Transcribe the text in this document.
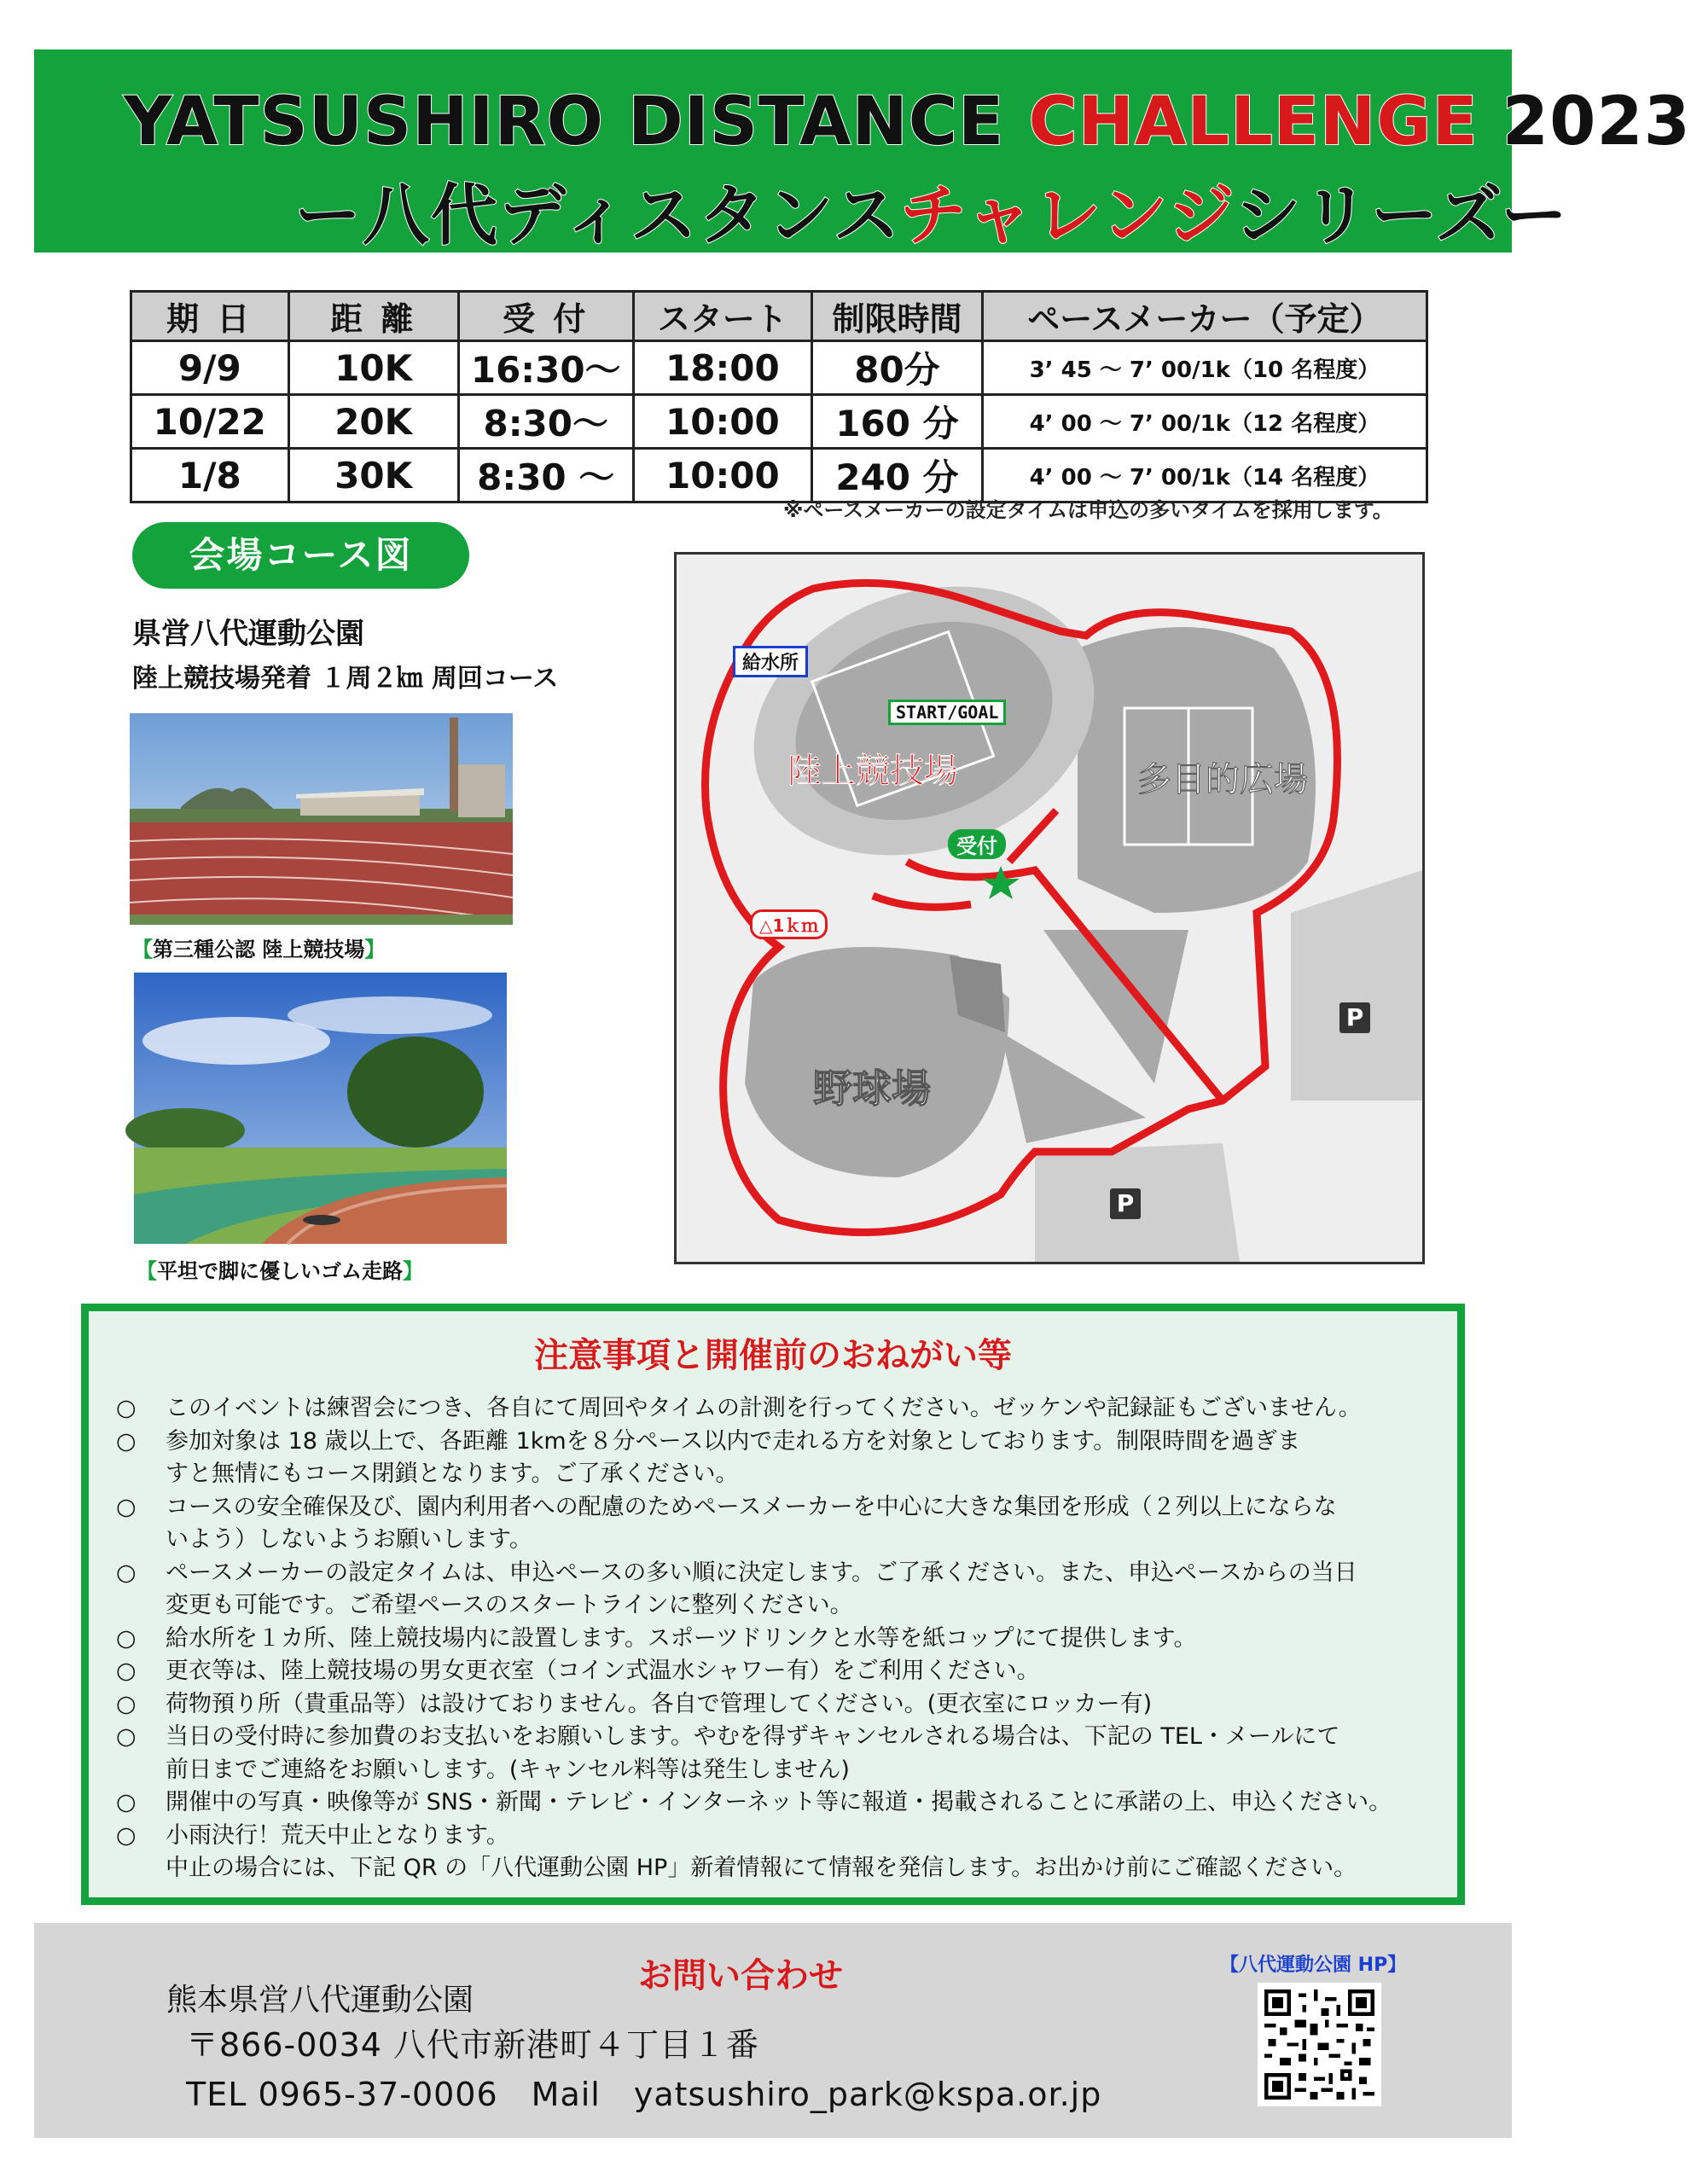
YATSUSHIRO DISTANCE CHALLENGE 2023
ー八代ディスタンスチャレンジシリーズー
期 日	距 離	受 付	スタート	制限時間	ペースメーカー（予定）
9/9	10K	16:30～	18:00	80分	3’ 45 ～ 7’ 00/1k（10 名程度）
10/22	20K	8:30～	10:00	160 分	4’ 00 ～ 7’ 00/1k（12 名程度）
1/8	30K	8:30 ～	10:00	240 分	4’ 00 ～ 7’ 00/1k（14 名程度）
※ペースメーカーの設定タイムは申込の多いタイムを採用します。
会場コース図
県営八代運動公園
陸上競技場発着 １周２㎞ 周回コース
【第三種公認 陸上競技場】
【平坦で脚に優しいゴム走路】
給水所
START/GOAL
陸上競技場	多目的広場
受付
△1ｋｍ
野球場
P
P
注意事項と開催前のおねがい等
○ このイベントは練習会につき、各自にて周回やタイムの計測を行ってください。ゼッケンや記録証もございません。
○ 参加対象は 18 歳以上で、各距離 1kmを８分ペース以内で走れる方を対象としております。制限時間を過ぎま
すと無情にもコース閉鎖となります。ご了承ください。
○ コースの安全確保及び、園内利用者への配慮のためペースメーカーを中心に大きな集団を形成（２列以上にならな
いよう）しないようお願いします。
○ ペースメーカーの設定タイムは、申込ペースの多い順に決定します。ご了承ください。また、申込ペースからの当日
変更も可能です。ご希望ペースのスタートラインに整列ください。
○ 給水所を１カ所、陸上競技場内に設置します。スポーツドリンクと水等を紙コップにて提供します。
○ 更衣等は、陸上競技場の男女更衣室（コイン式温水シャワー有）をご利用ください。
○ 荷物預り所（貴重品等）は設けておりません。各自で管理してください。(更衣室にロッカー有)
○ 当日の受付時に参加費のお支払いをお願いします。やむを得ずキャンセルされる場合は、下記の TEL・メールにて
前日までご連絡をお願いします。(キャンセル料等は発生しません)
○ 開催中の写真・映像等が SNS・新聞・テレビ・インターネット等に報道・掲載されることに承諾の上、申込ください。
○ 小雨決行！荒天中止となります。
中止の場合には、下記 QR の「八代運動公園 HP」新着情報にて情報を発信します。お出かけ前にご確認ください。
お問い合わせ
熊本県営八代運動公園
〒866-0034 八代市新港町４丁目１番
TEL 0965-37-0006　Mail　yatsushiro_park@kspa.or.jp
【八代運動公園 HP】
